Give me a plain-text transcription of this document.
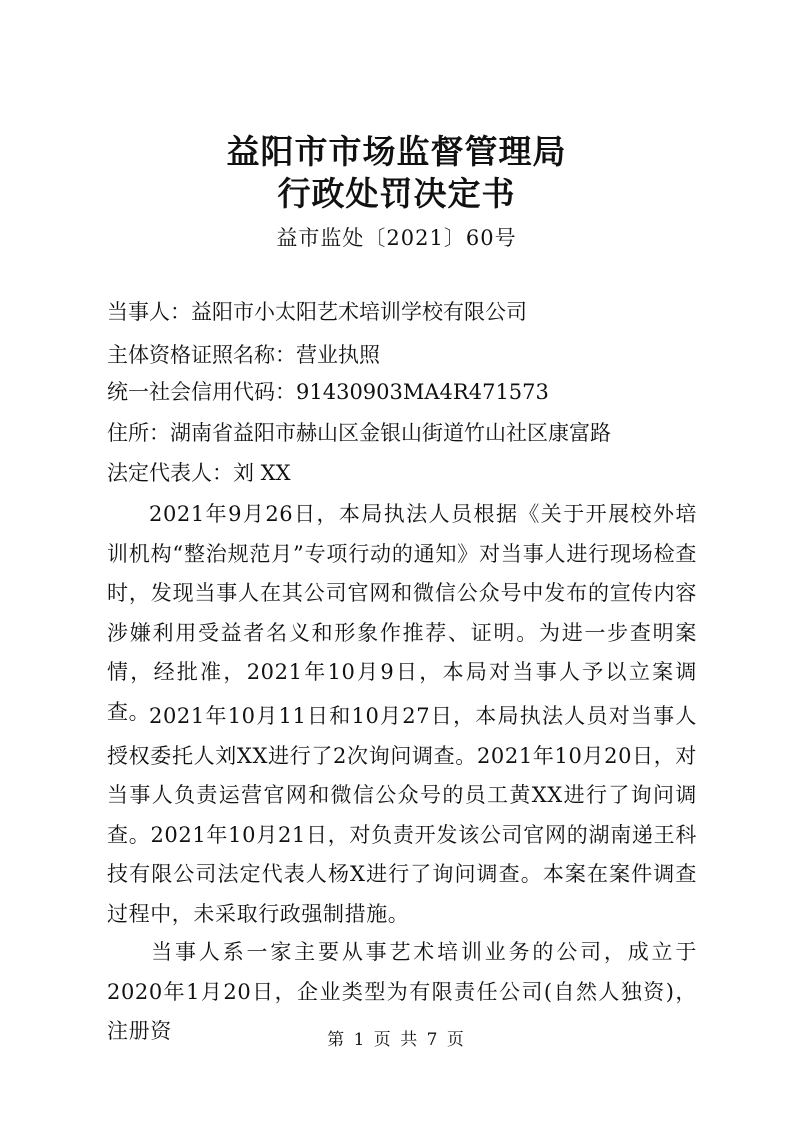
益阳市市场监督管理局
行政处罚决定书
益市监处〔2021〕60号
当事人：益阳市小太阳艺术培训学校有限公司
主体资格证照名称：营业执照
统一社会信用代码：91430903MA4R471573
住所：湖南省益阳市赫山区金银山街道竹山社区康富路
法定代表人：刘 XX
2021年9月26日，本局执法人员根据《关于开展校外培训机构“整治规范月”专项行动的通知》对当事人进行现场检查时，发现当事人在其公司官网和微信公众号中发布的宣传内容涉嫌利用受益者名义和形象作推荐、证明。为进一步查明案情，经批准，2021年10月9日，本局对当事人予以立案调查。
2021年10月11日和10月27日，本局执法人员对当事人授权委托人刘XX进行了2次询问调查。2021年10月20日，对当事人负责运营官网和微信公众号的员工黄XX进行了询问调查。2021年10月21日，对负责开发该公司官网的湖南递王科技有限公司法定代表人杨X进行了询问调查。本案在案件调查过程中，未采取行政强制措施。
当事人系一家主要从事艺术培训业务的公司，成立于2020年1月20日，企业类型为有限责任公司(自然人独资)，注册资	第 1 页 共 7 页
